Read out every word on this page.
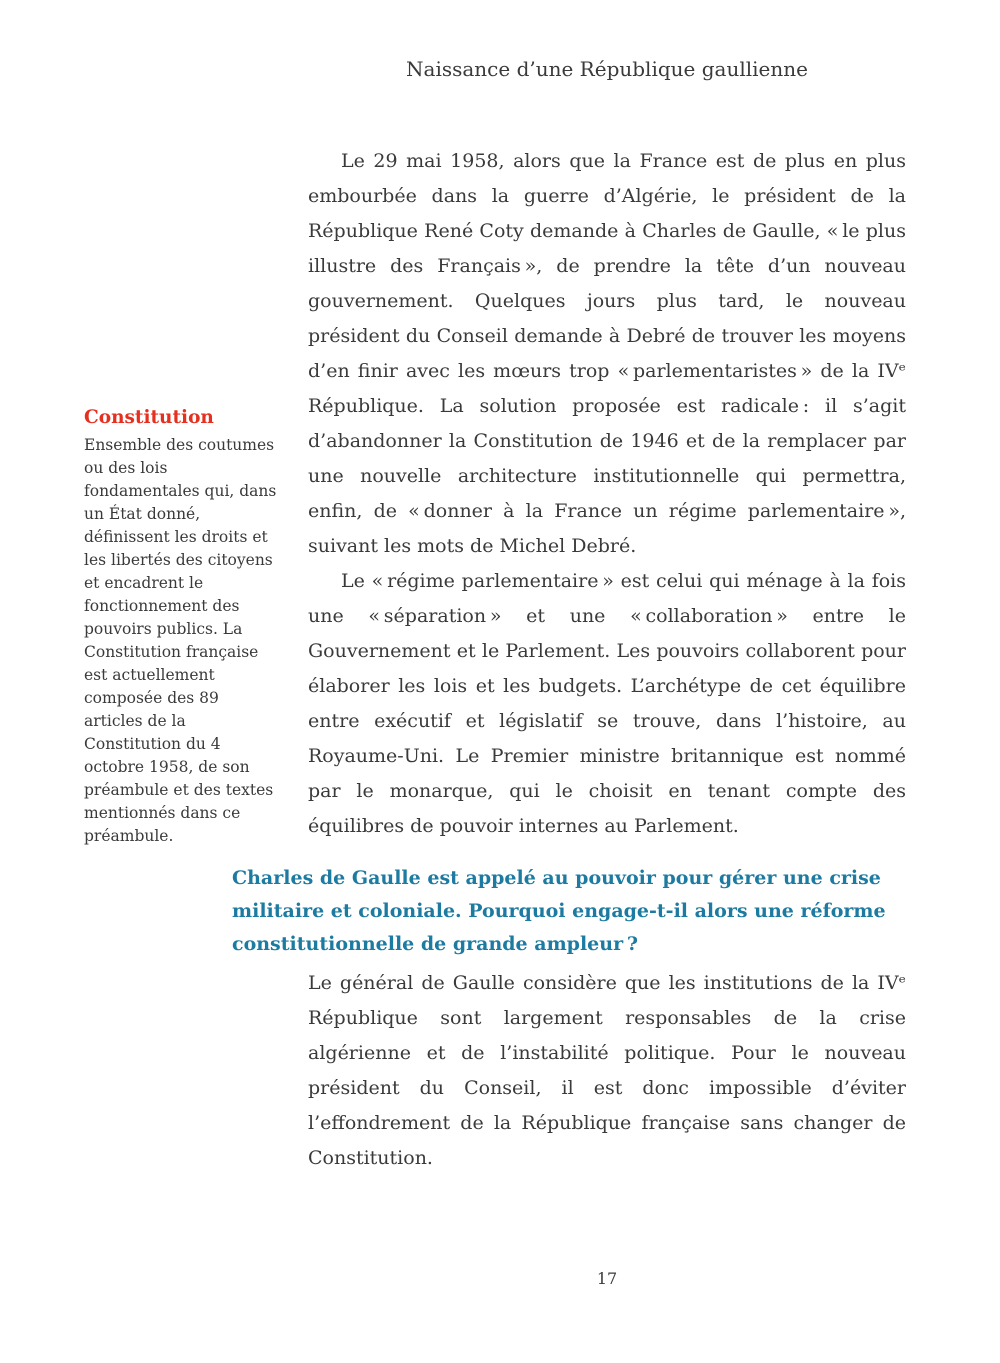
Naissance d’une République gaullienne

Le 29 mai 1958, alors que la France est de plus en plus embourbée dans la guerre d’Algérie, le président de la République René Coty demande à Charles de Gaulle, « le plus illustre des Français », de prendre la tête d’un nouveau gouvernement. Quelques jours plus tard, le nouveau président du Conseil demande à Debré de trouver les moyens d’en finir avec les mœurs trop « parlementaristes » de la IVᵉ République. La solution proposée est radicale : il s’agit d’abandonner la Constitution de 1946 et de la remplacer par une nouvelle architecture institutionnelle qui permettra, enfin, de « donner à la France un régime parlementaire », suivant les mots de Michel Debré.

Le « régime parlementaire » est celui qui ménage à la fois une « séparation » et une « collaboration » entre le Gouvernement et le Parlement. Les pouvoirs collaborent pour élaborer les lois et les budgets. L’archétype de cet équilibre entre exécutif et législatif se trouve, dans l’histoire, au Royaume-Uni. Le Premier ministre britannique est nommé par le monarque, qui le choisit en tenant compte des équilibres de pouvoir internes au Parlement.

Constitution
Ensemble des coutumes ou des lois fondamentales qui, dans un État donné, définissent les droits et les libertés des citoyens et encadrent le fonctionnement des pouvoirs publics. La Constitution française est actuellement composée des 89 articles de la Constitution du 4 octobre 1958, de son préambule et des textes mentionnés dans ce préambule.
Charles de Gaulle est appelé au pouvoir pour gérer une crise militaire et coloniale. Pourquoi engage-t-il alors une réforme constitutionnelle de grande ampleur ?
Le général de Gaulle considère que les institutions de la IVᵉ République sont largement responsables de la crise algérienne et de l’instabilité politique. Pour le nouveau président du Conseil, il est donc impossible d’éviter l’effondrement de la République française sans changer de Constitution.
17
